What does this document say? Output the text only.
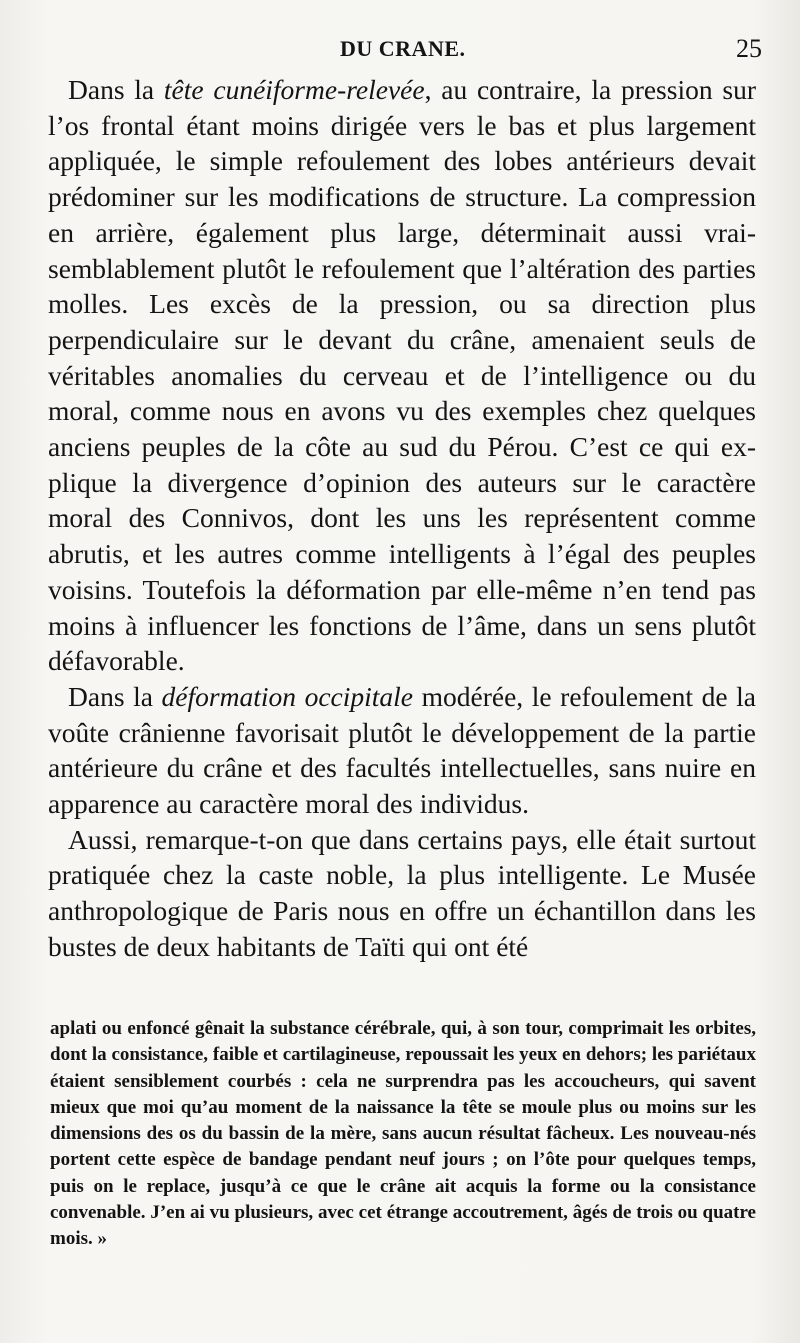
DU CRANE.	25

Dans la tête cunéiforme-relevée, au contraire, la pression sur l’os frontal étant moins dirigée vers le bas et plus largement appliquée, le simple refoulement des lobes antérieurs devait prédominer sur les modifications de structure. La compression en arrière, également plus large, déterminait aussi vraisemblablement plutôt le refoulement que l’altération des parties molles. Les excès de la pression, ou sa direction plus perpendiculaire sur le devant du crâne, amenaient seuls de véritables anomalies du cerveau et de l’intelligence ou du moral, comme nous en avons vu des exemples chez quelques anciens peuples de la côte au sud du Pérou. C’est ce qui explique la divergence d’opinion des auteurs sur le caractère moral des Connivos, dont les uns les représentent comme abrutis, et les autres comme intelligents à l’égal des peuples voisins. Toutefois la déformation par elle-même n’en tend pas moins à influencer les fonctions de l’âme, dans un sens plutôt défavorable.

Dans la déformation occipitale modérée, le refoulement de la voûte crânienne favorisait plutôt le développement de la partie antérieure du crâne et des facultés intellectuelles, sans nuire en apparence au caractère moral des individus.

Aussi, remarque-t-on que dans certains pays, elle était surtout pratiquée chez la caste noble, la plus intelligente. Le Musée anthropologique de Paris nous en offre un échantillon dans les bustes de deux habitants de Taïti qui ont été

aplati ou enfoncé gênait la substance cérébrale, qui, à son tour, comprimait les orbites, dont la consistance, faible et cartilagineuse, repoussait les yeux en dehors; les pariétaux étaient sensiblement courbés : cela ne surprendra pas les accoucheurs, qui savent mieux que moi qu’au moment de la naissance la tête se moule plus ou moins sur les dimensions des os du bassin de la mère, sans aucun résultat fâcheux. Les nouveau-nés portent cette espèce de bandage pendant neuf jours ; on l’ôte pour quelques temps, puis on le replace, jusqu’à ce que le crâne ait acquis la forme ou la consistance convenable. J’en ai vu plusieurs, avec cet étrange accoutrement, âgés de trois ou quatre mois. »
